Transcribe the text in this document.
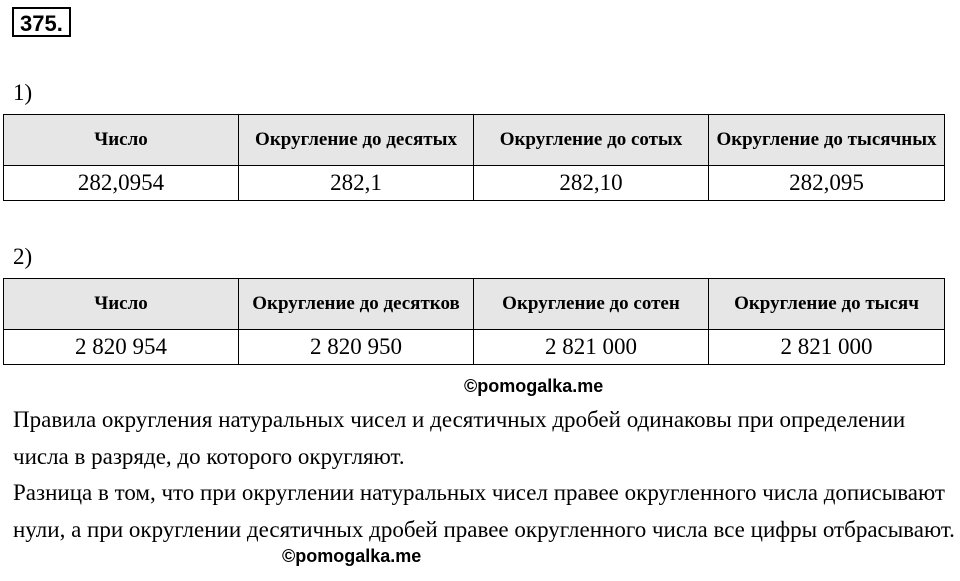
375.
1)
Число	Округление до десятых	Округление до сотых	Округление до тысячных
282,0954	282,1	282,10	282,095
2)
Число	Округление до десятков	Округление до сотен	Округление до тысяч
2 820 954	2 820 950	2 821 000	2 821 000
©pomogalka.me

Правила округления натуральных чисел и десятичных дробей одинаковы при определении числа в разряде, до которого округляют.

Разница в том, что при округлении натуральных чисел правее округленного числа дописывают нули, а при округлении десятичных дробей правее округленного числа все цифры отбрасывают.

©pomogalka.me
